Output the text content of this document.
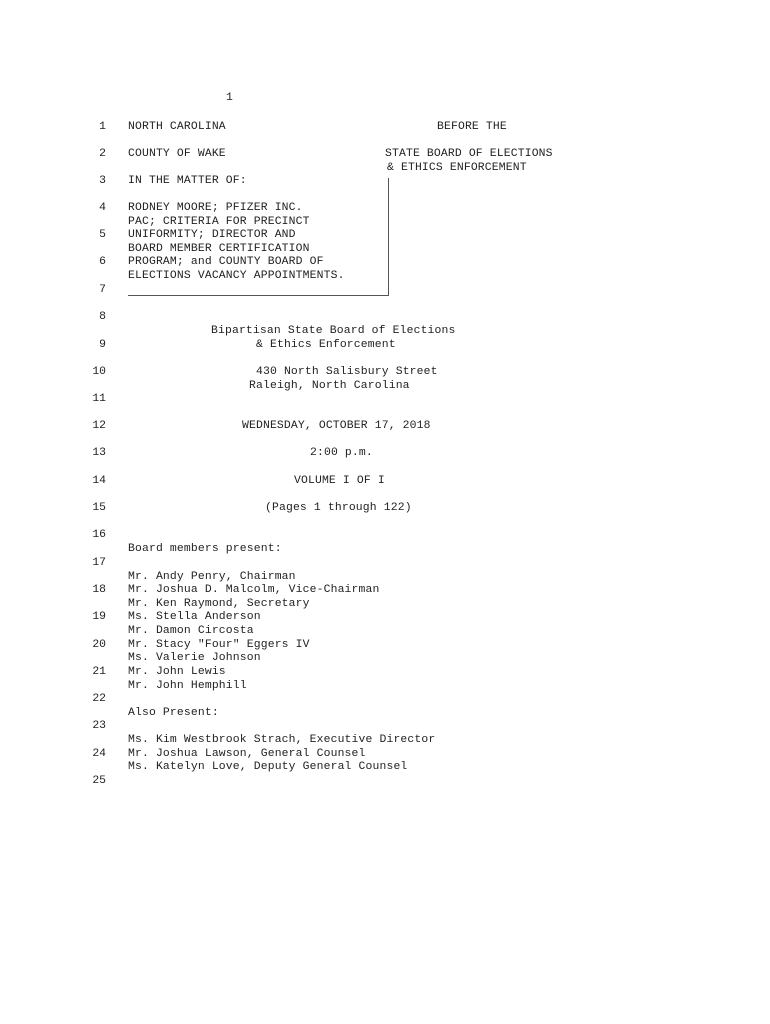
1
1
2
3
4
5
6
7
8
9
10
11
12
13
14
15
16
17
18
19
20
21
22
23
24
25
NORTH CAROLINA	BEFORE THE
COUNTY OF WAKE	STATE BOARD OF ELECTIONS
& ETHICS ENFORCEMENT
IN THE MATTER OF:
RODNEY MOORE; PFIZER INC.
PAC; CRITERIA FOR PRECINCT
UNIFORMITY; DIRECTOR AND
BOARD MEMBER CERTIFICATION
PROGRAM; and COUNTY BOARD OF
ELECTIONS VACANCY APPOINTMENTS.
Bipartisan State Board of Elections
& Ethics Enforcement
430 North Salisbury Street
Raleigh, North Carolina
WEDNESDAY, OCTOBER 17, 2018
2:00 p.m.
VOLUME I OF I
(Pages 1 through 122)
Board members present:
Mr. Andy Penry, Chairman
Mr. Joshua D. Malcolm, Vice-Chairman
Mr. Ken Raymond, Secretary
Ms. Stella Anderson
Mr. Damon Circosta
Mr. Stacy "Four" Eggers IV
Ms. Valerie Johnson
Mr. John Lewis
Mr. John Hemphill
Also Present:
Ms. Kim Westbrook Strach, Executive Director
Mr. Joshua Lawson, General Counsel
Ms. Katelyn Love, Deputy General Counsel
